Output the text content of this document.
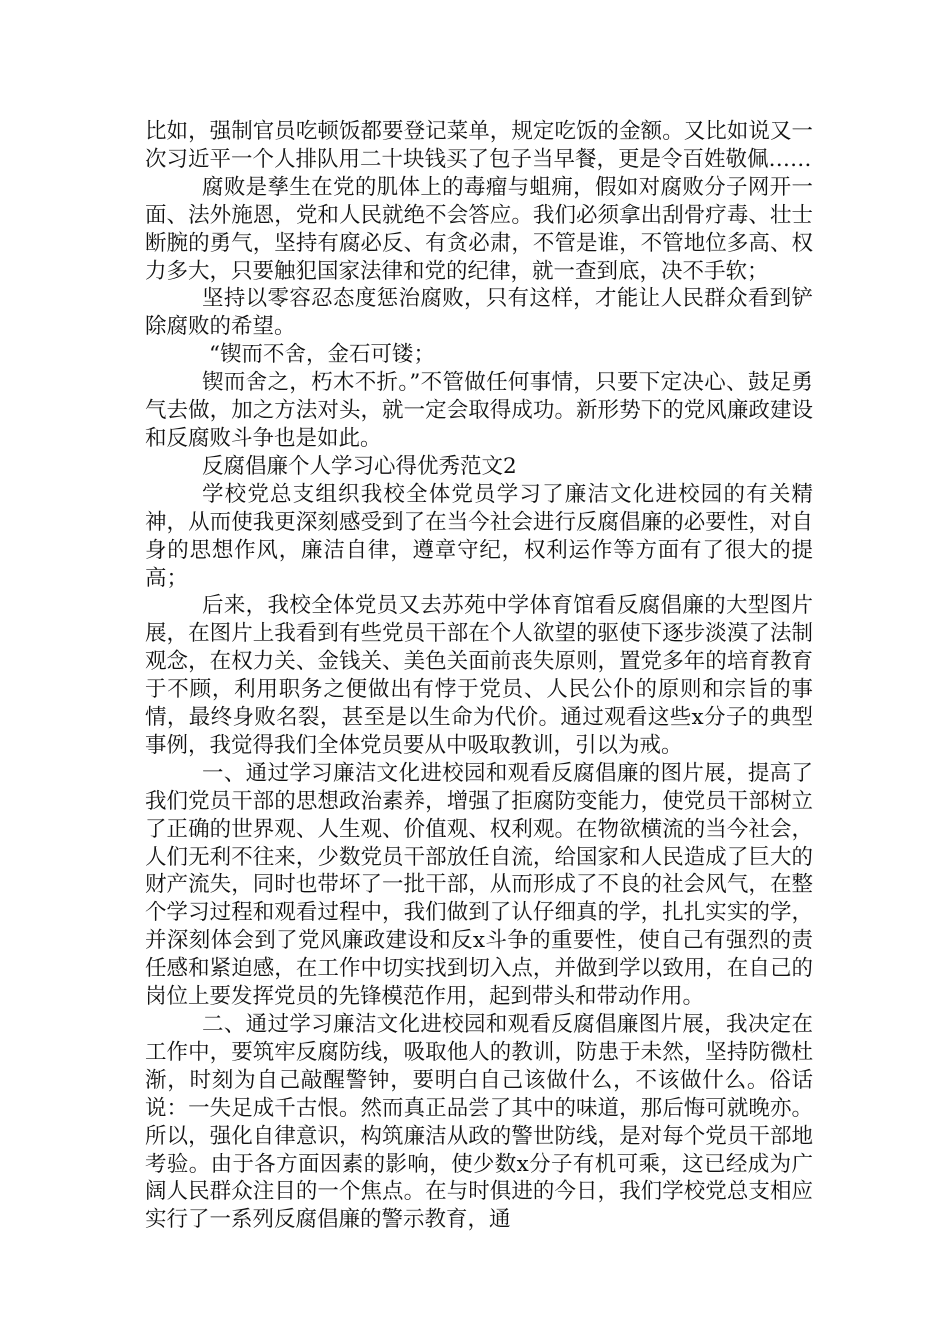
比如，强制官员吃顿饭都要登记菜单，规定吃饭的金额。又比如说又一次习近平一个人排队用二十块钱买了包子当早餐，更是令百姓敬佩……

腐败是孳生在党的肌体上的毒瘤与蛆痈，假如对腐败分子网开一面、法外施恩，党和人民就绝不会答应。我们必须拿出刮骨疗毒、壮士断腕的勇气，坚持有腐必反、有贪必肃，不管是谁，不管地位多高、权力多大，只要触犯国家法律和党的纪律，就一查到底，决不手软；

坚持以零容忍态度惩治腐败，只有这样，才能让人民群众看到铲除腐败的希望。

“锲而不舍，金石可镂；

锲而舍之，朽木不折。”不管做任何事情，只要下定决心、鼓足勇气去做，加之方法对头，就一定会取得成功。新形势下的党风廉政建设和反腐败斗争也是如此。

反腐倡廉个人学习心得优秀范文2

学校党总支组织我校全体党员学习了廉洁文化进校园的有关精神，从而使我更深刻感受到了在当今社会进行反腐倡廉的必要性，对自身的思想作风，廉洁自律，遵章守纪，权利运作等方面有了很大的提高；

后来，我校全体党员又去苏苑中学体育馆看反腐倡廉的大型图片展，在图片上我看到有些党员干部在个人欲望的驱使下逐步淡漠了法制观念，在权力关、金钱关、美色关面前丧失原则，置党多年的培育教育于不顾，利用职务之便做出有悖于党员、人民公仆的原则和宗旨的事情，最终身败名裂，甚至是以生命为代价。通过观看这些x分子的典型事例，我觉得我们全体党员要从中吸取教训，引以为戒。

一、通过学习廉洁文化进校园和观看反腐倡廉的图片展，提高了我们党员干部的思想政治素养，增强了拒腐防变能力，使党员干部树立了正确的世界观、人生观、价值观、权利观。在物欲横流的当今社会，人们无利不往来，少数党员干部放任自流，给国家和人民造成了巨大的财产流失，同时也带坏了一批干部，从而形成了不良的社会风气，在整个学习过程和观看过程中，我们做到了认仔细真的学，扎扎实实的学，并深刻体会到了党风廉政建设和反x斗争的重要性，使自己有强烈的责任感和紧迫感，在工作中切实找到切入点，并做到学以致用，在自己的岗位上要发挥党员的先锋模范作用，起到带头和带动作用。

二、通过学习廉洁文化进校园和观看反腐倡廉图片展，我决定在工作中，要筑牢反腐防线，吸取他人的教训，防患于未然，坚持防微杜渐，时刻为自己敲醒警钟，要明白自己该做什么，不该做什么。俗话说：一失足成千古恨。然而真正品尝了其中的味道，那后悔可就晚亦。所以，强化自律意识，构筑廉洁从政的警世防线，是对每个党员干部地考验。由于各方面因素的影响，使少数x分子有机可乘，这已经成为广阔人民群众注目的一个焦点。在与时俱进的今日，我们学校党总支相应实行了一系列反腐倡廉的警示教育，通
